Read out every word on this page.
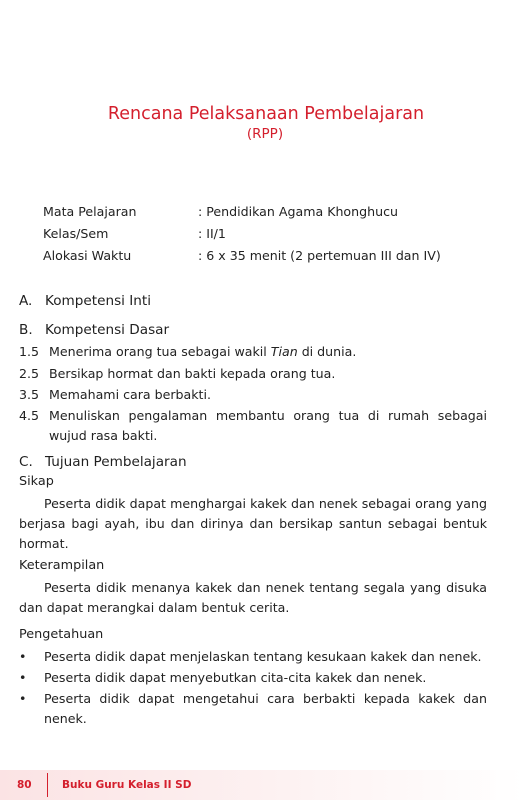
Rencana Pelaksanaan Pembelajaran
(RPP)
Mata Pelajaran	: Pendidikan Agama Khonghucu
Kelas/Sem	: II/1
Alokasi Waktu	: 6 x 35 menit (2 pertemuan III dan IV)
A. Kompetensi Inti
B. Kompetensi Dasar
1.5 Menerima orang tua sebagai wakil Tian di dunia.
2.5 Bersikap hormat dan bakti kepada orang tua.
3.5 Memahami cara berbakti.
4.5 Menuliskan pengalaman membantu orang tua di rumah sebagai
wujud rasa bakti.
C. Tujuan Pembelajaran
Sikap
Peserta didik dapat menghargai kakek dan nenek sebagai orang yang berjasa bagi ayah, ibu dan dirinya dan bersikap santun sebagai bentuk hormat.
Keterampilan
Peserta didik menanya kakek dan nenek tentang segala yang disuka dan dapat merangkai dalam bentuk cerita.
Pengetahuan
•	Peserta didik dapat menjelaskan tentang kesukaan kakek dan nenek.
•	Peserta didik dapat menyebutkan cita-cita kakek dan nenek.
•	Peserta didik dapat mengetahui cara berbakti kepada kakek dan nenek.
80	Buku Guru Kelas II SD
